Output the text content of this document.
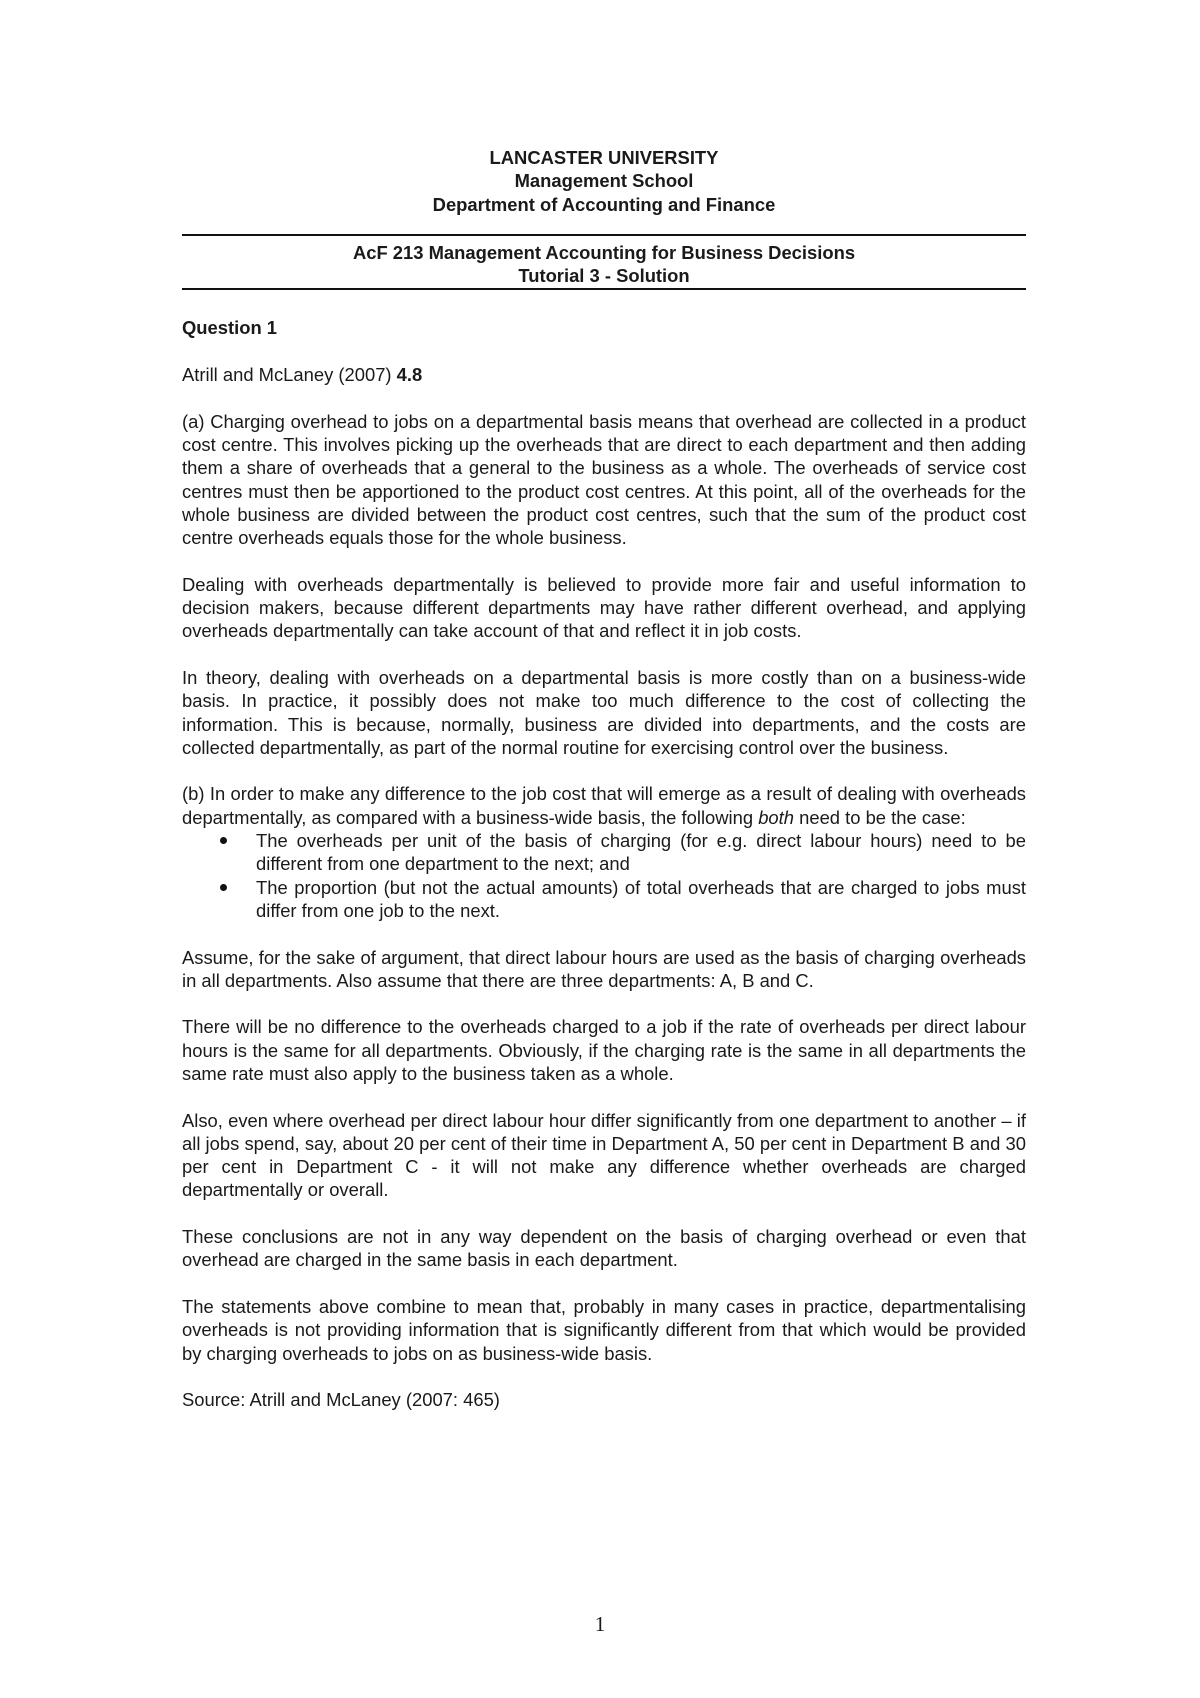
LANCASTER UNIVERSITY
Management School
Department of Accounting and Finance
AcF 213 Management Accounting for Business Decisions
Tutorial 3 - Solution

Question 1

Atrill and McLaney (2007) 4.8

(a) Charging overhead to jobs on a departmental basis means that overhead are collected in a product cost centre. This involves picking up the overheads that are direct to each department and then adding them a share of overheads that a general to the business as a whole. The overheads of service cost centres must then be apportioned to the product cost centres. At this point, all of the overheads for the whole business are divided between the product cost centres, such that the sum of the product cost centre overheads equals those for the whole business.

Dealing with overheads departmentally is believed to provide more fair and useful information to decision makers, because different departments may have rather different overhead, and applying overheads departmentally can take account of that and reflect it in job costs.

In theory, dealing with overheads on a departmental basis is more costly than on a business-wide basis. In practice, it possibly does not make too much difference to the cost of collecting the information. This is because, normally, business are divided into departments, and the costs are collected departmentally, as part of the normal routine for exercising control over the business.

(b) In order to make any difference to the job cost that will emerge as a result of dealing with overheads departmentally, as compared with a business-wide basis, the following both need to be the case:

The overheads per unit of the basis of charging (for e.g. direct labour hours) need to be different from one department to the next; and
The proportion (but not the actual amounts) of total overheads that are charged to jobs must differ from one job to the next.

Assume, for the sake of argument, that direct labour hours are used as the basis of charging overheads in all departments. Also assume that there are three departments: A, B and C.

There will be no difference to the overheads charged to a job if the rate of overheads per direct labour hours is the same for all departments. Obviously, if the charging rate is the same in all departments the same rate must also apply to the business taken as a whole.

Also, even where overhead per direct labour hour differ significantly from one department to another – if all jobs spend, say, about 20 per cent of their time in Department A, 50 per cent in Department B and 30 per cent in Department C - it will not make any difference whether overheads are charged departmentally or overall.

These conclusions are not in any way dependent on the basis of charging overhead or even that overhead are charged in the same basis in each department.

The statements above combine to mean that, probably in many cases in practice, departmentalising overheads is not providing information that is significantly different from that which would be provided by charging overheads to jobs on as business-wide basis.

Source: Atrill and McLaney (2007: 465)

1
